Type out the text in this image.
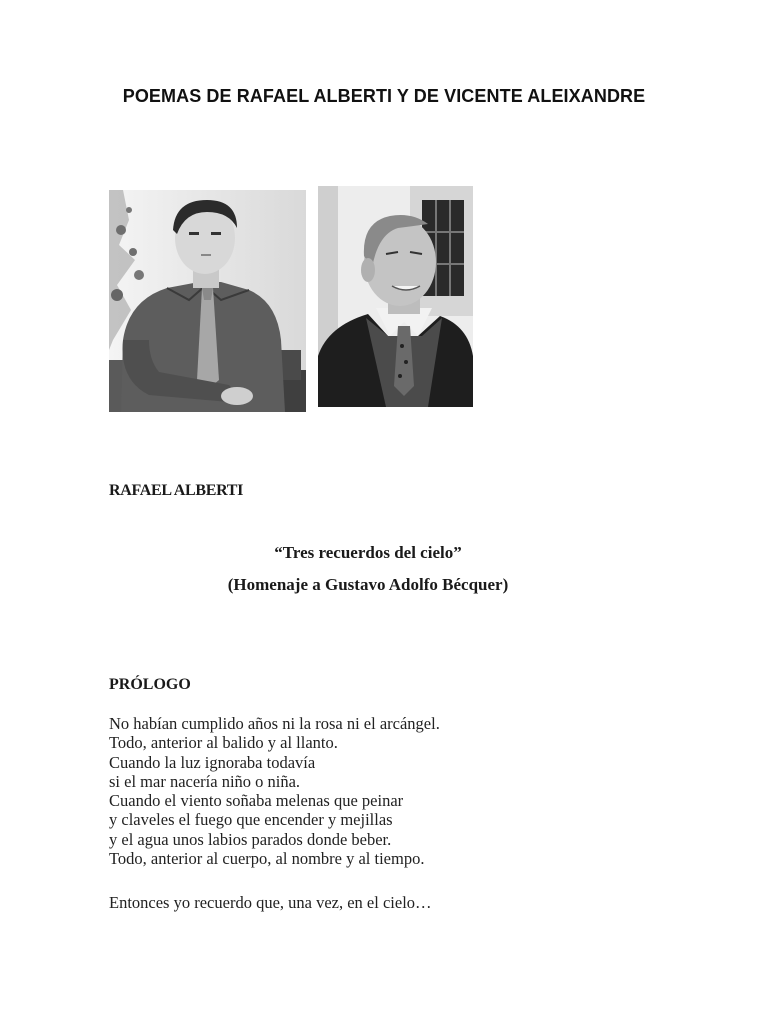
POEMAS DE RAFAEL ALBERTI Y DE VICENTE ALEIXANDRE
RAFAEL ALBERTI
“Tres recuerdos del cielo”
(Homenaje a Gustavo Adolfo Bécquer)
PRÓLOGO
No habían cumplido años ni la rosa ni el arcángel.
Todo, anterior al balido y al llanto.
Cuando la luz ignoraba todavía
si el mar nacería niño o niña.
Cuando el viento soñaba melenas que peinar
y claveles el fuego que encender y mejillas
y el agua unos labios parados donde beber.
Todo, anterior al cuerpo, al nombre y al tiempo.
Entonces yo recuerdo que, una vez, en el cielo…
